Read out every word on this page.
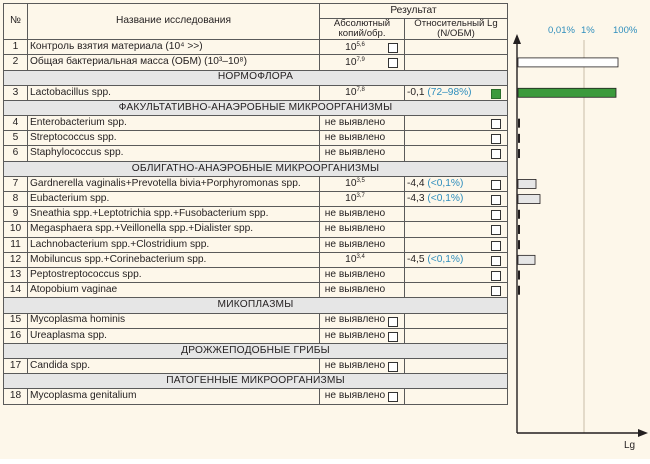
№	Название исследования	Результат	
		Абсолютный копий/обр.	Относительный Lg (N/ОБМ)
1	Контроль взятия материала (10⁴ >>)	10$^{5,6}$

2	Общая бактериальная масса (ОБМ) (10³–10⁸)	10$^{7,9}$

НОРМОФЛОРА			
3	Lactobacillus spp.	10$^{7,8}$	-0,1 (72–98%)

ФАКУЛЬТАТИВНО-АНАЭРОБНЫЕ МИКРООРГАНИЗМЫ			
4	Enterobacterium spp.	не выявлено	

5	Streptococcus spp.	не выявлено	

6	Staphylococcus spp.	не выявлено	

ОБЛИГАТНО-АНАЭРОБНЫЕ МИКРООРГАНИЗМЫ			
7	Gardnerella vaginalis+Prevotella bivia+Porphyromonas spp.	10$^{3,5}$	-4,4 (<0,1%)

8	Eubacterium spp.	10$^{3,7}$	-4,3 (<0,1%)

9	Sneathia spp.+Leptotrichia spp.+Fusobacterium spp.	не выявлено	

10	Megasphaera spp.+Veillonella spp.+Dialister spp.	не выявлено	

11	Lachnobacterium spp.+Clostridium spp.	не выявлено	

12	Mobiluncus spp.+Corinebacterium spp.	10$^{3,4}$	-4,5 (<0,1%)

13	Peptostreptococcus spp.	не выявлено	

14	Atopobium vaginae	не выявлено	

МИКОПЛАЗМЫ			
15	Mycoplasma hominis	не выявлено

16	Ureaplasma spp.	не выявлено

ДРОЖЖЕПОДОБНЫЕ ГРИБЫ			
17	Candida spp.	не выявлено

ПАТОГЕННЫЕ МИКРООРГАНИЗМЫ			
18	Mycoplasma genitalium	не выявлено

0,01% 1% 100%
Lg
